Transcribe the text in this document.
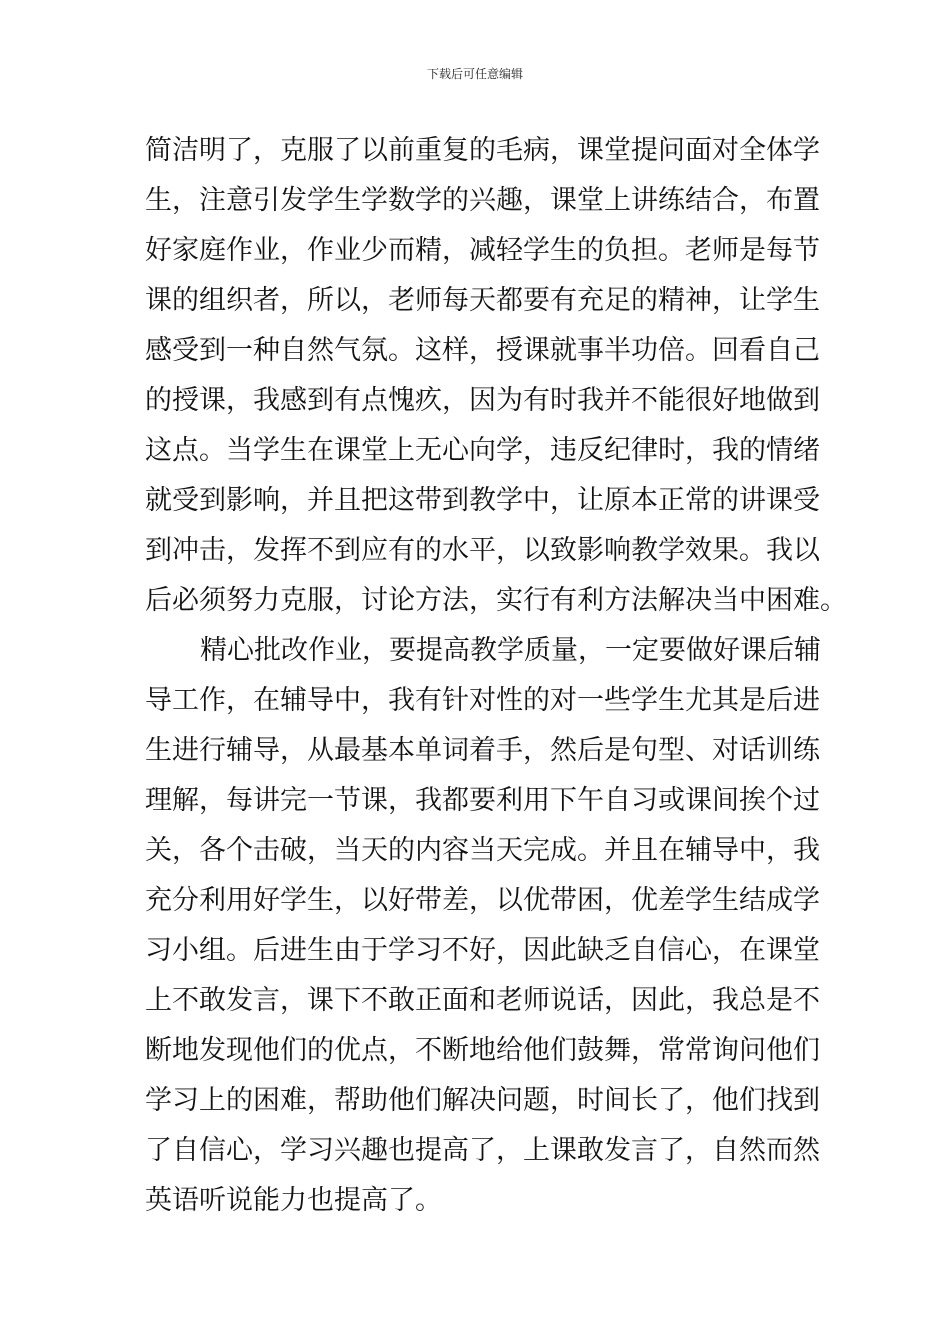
下载后可任意编辑
简洁明了，克服了以前重复的毛病，课堂提问面对全体学
生，注意引发学生学数学的兴趣，课堂上讲练结合，布置
好家庭作业，作业少而精，减轻学生的负担。老师是每节
课的组织者，所以，老师每天都要有充足的精神，让学生
感受到一种自然气氛。这样，授课就事半功倍。回看自己
的授课，我感到有点愧疚，因为有时我并不能很好地做到
这点。当学生在课堂上无心向学，违反纪律时，我的情绪
就受到影响，并且把这带到教学中，让原本正常的讲课受
到冲击，发挥不到应有的水平，以致影响教学效果。我以
后必须努力克服，讨论方法，实行有利方法解决当中困难。
精心批改作业，要提高教学质量，一定要做好课后辅
导工作，在辅导中，我有针对性的对一些学生尤其是后进
生进行辅导，从最基本单词着手，然后是句型、对话训练
理解，每讲完一节课，我都要利用下午自习或课间挨个过
关，各个击破，当天的内容当天完成。并且在辅导中，我
充分利用好学生，以好带差，以优带困，优差学生结成学
习小组。后进生由于学习不好，因此缺乏自信心，在课堂
上不敢发言，课下不敢正面和老师说话，因此，我总是不
断地发现他们的优点，不断地给他们鼓舞，常常询问他们
学习上的困难，帮助他们解决问题，时间长了，他们找到
了自信心，学习兴趣也提高了，上课敢发言了，自然而然
英语听说能力也提高了。
